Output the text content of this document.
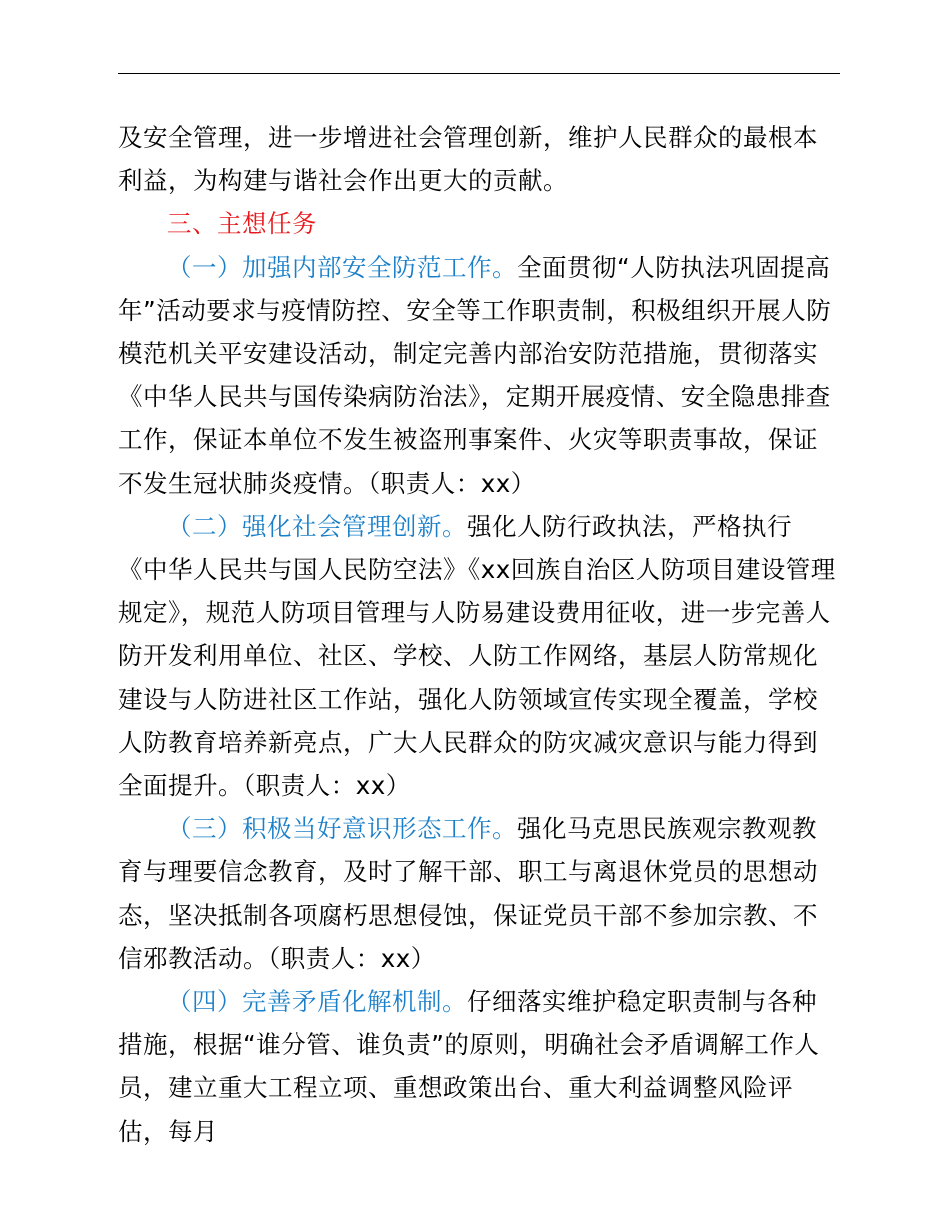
及安全管理，进一步增进社会管理创新，维护人民群众的最根本利益，为构建与谐社会作出更大的贡献。

三、主想任务

（一）加强内部安全防范工作。全面贯彻“人防执法巩固提高年”活动要求与疫情防控、安全等工作职责制，积极组织开展人防模范机关平安建设活动，制定完善内部治安防范措施，贯彻落实《中华人民共与国传染病防治法》，定期开展疫情、安全隐患排查工作，保证本单位不发生被盗刑事案件、火灾等职责事故，保证不发生冠状肺炎疫情。（职责人：xx）

（二）强化社会管理创新。强化人防行政执法，严格执行《中华人民共与国人民防空法》《xx回族自治区人防项目建设管理规定》，规范人防项目管理与人防易建设费用征收，进一步完善人防开发利用单位、社区、学校、人防工作网络，基层人防常规化建设与人防进社区工作站，强化人防领域宣传实现全覆盖，学校人防教育培养新亮点，广大人民群众的防灾减灾意识与能力得到全面提升。（职责人：xx）

（三）积极当好意识形态工作。强化马克思民族观宗教观教育与理要信念教育，及时了解干部、职工与离退休党员的思想动态，坚决抵制各项腐朽思想侵蚀，保证党员干部不参加宗教、不信邪教活动。（职责人：xx）

（四）完善矛盾化解机制。仔细落实维护稳定职责制与各种措施，根据“谁分管、谁负责”的原则，明确社会矛盾调解工作人员，建立重大工程立项、重想政策出台、重大利益调整风险评估，每月
